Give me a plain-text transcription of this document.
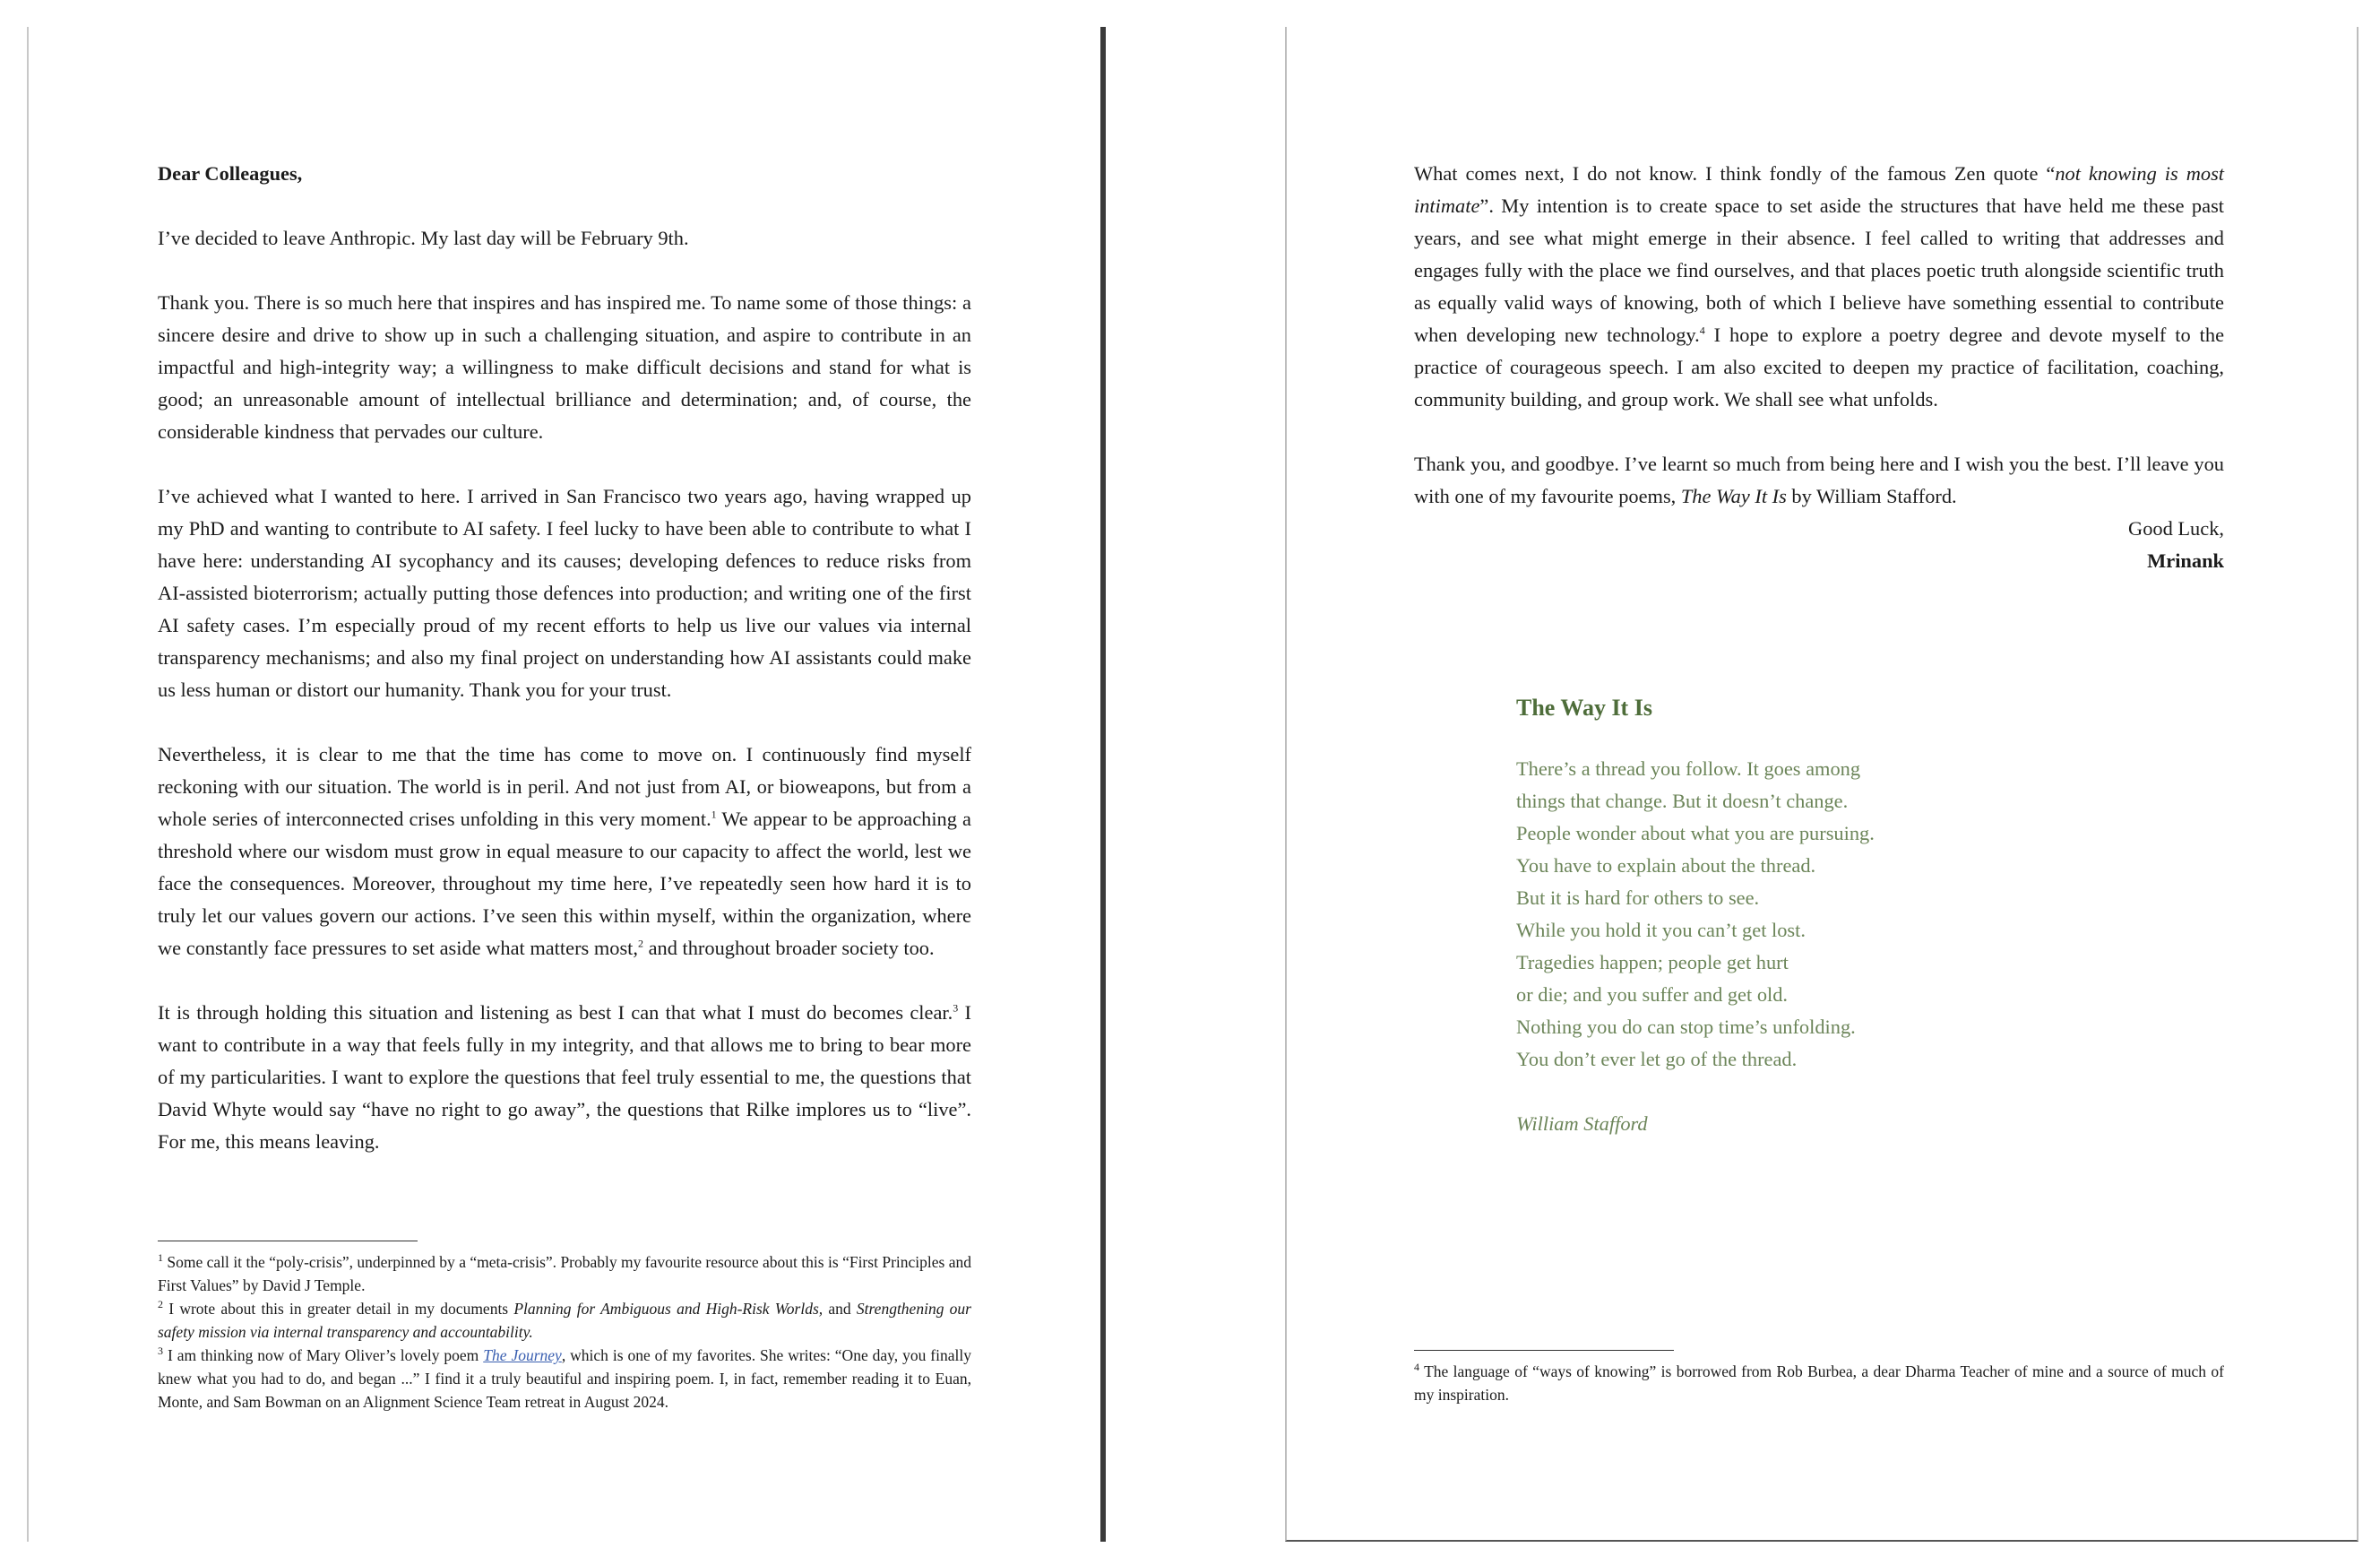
Dear Colleagues,

I’ve decided to leave Anthropic. My last day will be February 9th.

Thank you. There is so much here that inspires and has inspired me. To name some of those things: a sincere desire and drive to show up in such a challenging situation, and aspire to contribute in an impactful and high-integrity way; a willingness to make difficult decisions and stand for what is good; an unreasonable amount of intellectual brilliance and determination; and, of course, the considerable kindness that pervades our culture.

I’ve achieved what I wanted to here. I arrived in San Francisco two years ago, having wrapped up my PhD and wanting to contribute to AI safety. I feel lucky to have been able to contribute to what I have here: understanding AI sycophancy and its causes; developing defences to reduce risks from AI-assisted bioterrorism; actually putting those defences into production; and writing one of the first AI safety cases. I’m especially proud of my recent efforts to help us live our values via internal transparency mechanisms; and also my final project on understanding how AI assistants could make us less human or distort our humanity. Thank you for your trust.

Nevertheless, it is clear to me that the time has come to move on. I continuously find myself reckoning with our situation. The world is in peril. And not just from AI, or bioweapons, but from a whole series of interconnected crises unfolding in this very moment.$^1$ We appear to be approaching a threshold where our wisdom must grow in equal measure to our capacity to affect the world, lest we face the consequences. Moreover, throughout my time here, I’ve repeatedly seen how hard it is to truly let our values govern our actions. I’ve seen this within myself, within the organization, where we constantly face pressures to set aside what matters most,$^2$ and throughout broader society too.

It is through holding this situation and listening as best I can that what I must do becomes clear.$^3$ I want to contribute in a way that feels fully in my integrity, and that allows me to bring to bear more of my particularities. I want to explore the questions that feel truly essential to me, the questions that David Whyte would say “have no right to go away”, the questions that Rilke implores us to “live”. For me, this means leaving.

$^1$ Some call it the “poly-crisis”, underpinned by a “meta-crisis”. Probably my favourite resource about this is “First Principles and First Values” by David J Temple.

$^2$ I wrote about this in greater detail in my documents Planning for Ambiguous and High-Risk Worlds, and Strengthening our safety mission via internal transparency and accountability.

$^3$ I am thinking now of Mary Oliver’s lovely poem The Journey, which is one of my favorites. She writes: “One day, you finally knew what you had to do, and began ...” I find it a truly beautiful and inspiring poem. I, in fact, remember reading it to Euan, Monte, and Sam Bowman on an Alignment Science Team retreat in August 2024.

What comes next, I do not know. I think fondly of the famous Zen quote “not knowing is most intimate”. My intention is to create space to set aside the structures that have held me these past years, and see what might emerge in their absence. I feel called to writing that addresses and engages fully with the place we find ourselves, and that places poetic truth alongside scientific truth as equally valid ways of knowing, both of which I believe have something essential to contribute when developing new technology.$^4$ I hope to explore a poetry degree and devote myself to the practice of courageous speech. I am also excited to deepen my practice of facilitation, coaching, community building, and group work. We shall see what unfolds.

Thank you, and goodbye. I’ve learnt so much from being here and I wish you the best. I’ll leave you with one of my favourite poems, The Way It Is by William Stafford.

Good Luck,
Mrinank
The Way It Is
There’s a thread you follow. It goes among
things that change. But it doesn’t change.
People wonder about what you are pursuing.
You have to explain about the thread.
But it is hard for others to see.
While you hold it you can’t get lost.
Tragedies happen; people get hurt
or die; and you suffer and get old.
Nothing you do can stop time’s unfolding.
You don’t ever let go of the thread.
William Stafford

$^4$ The language of “ways of knowing” is borrowed from Rob Burbea, a dear Dharma Teacher of mine and a source of much of my inspiration.
